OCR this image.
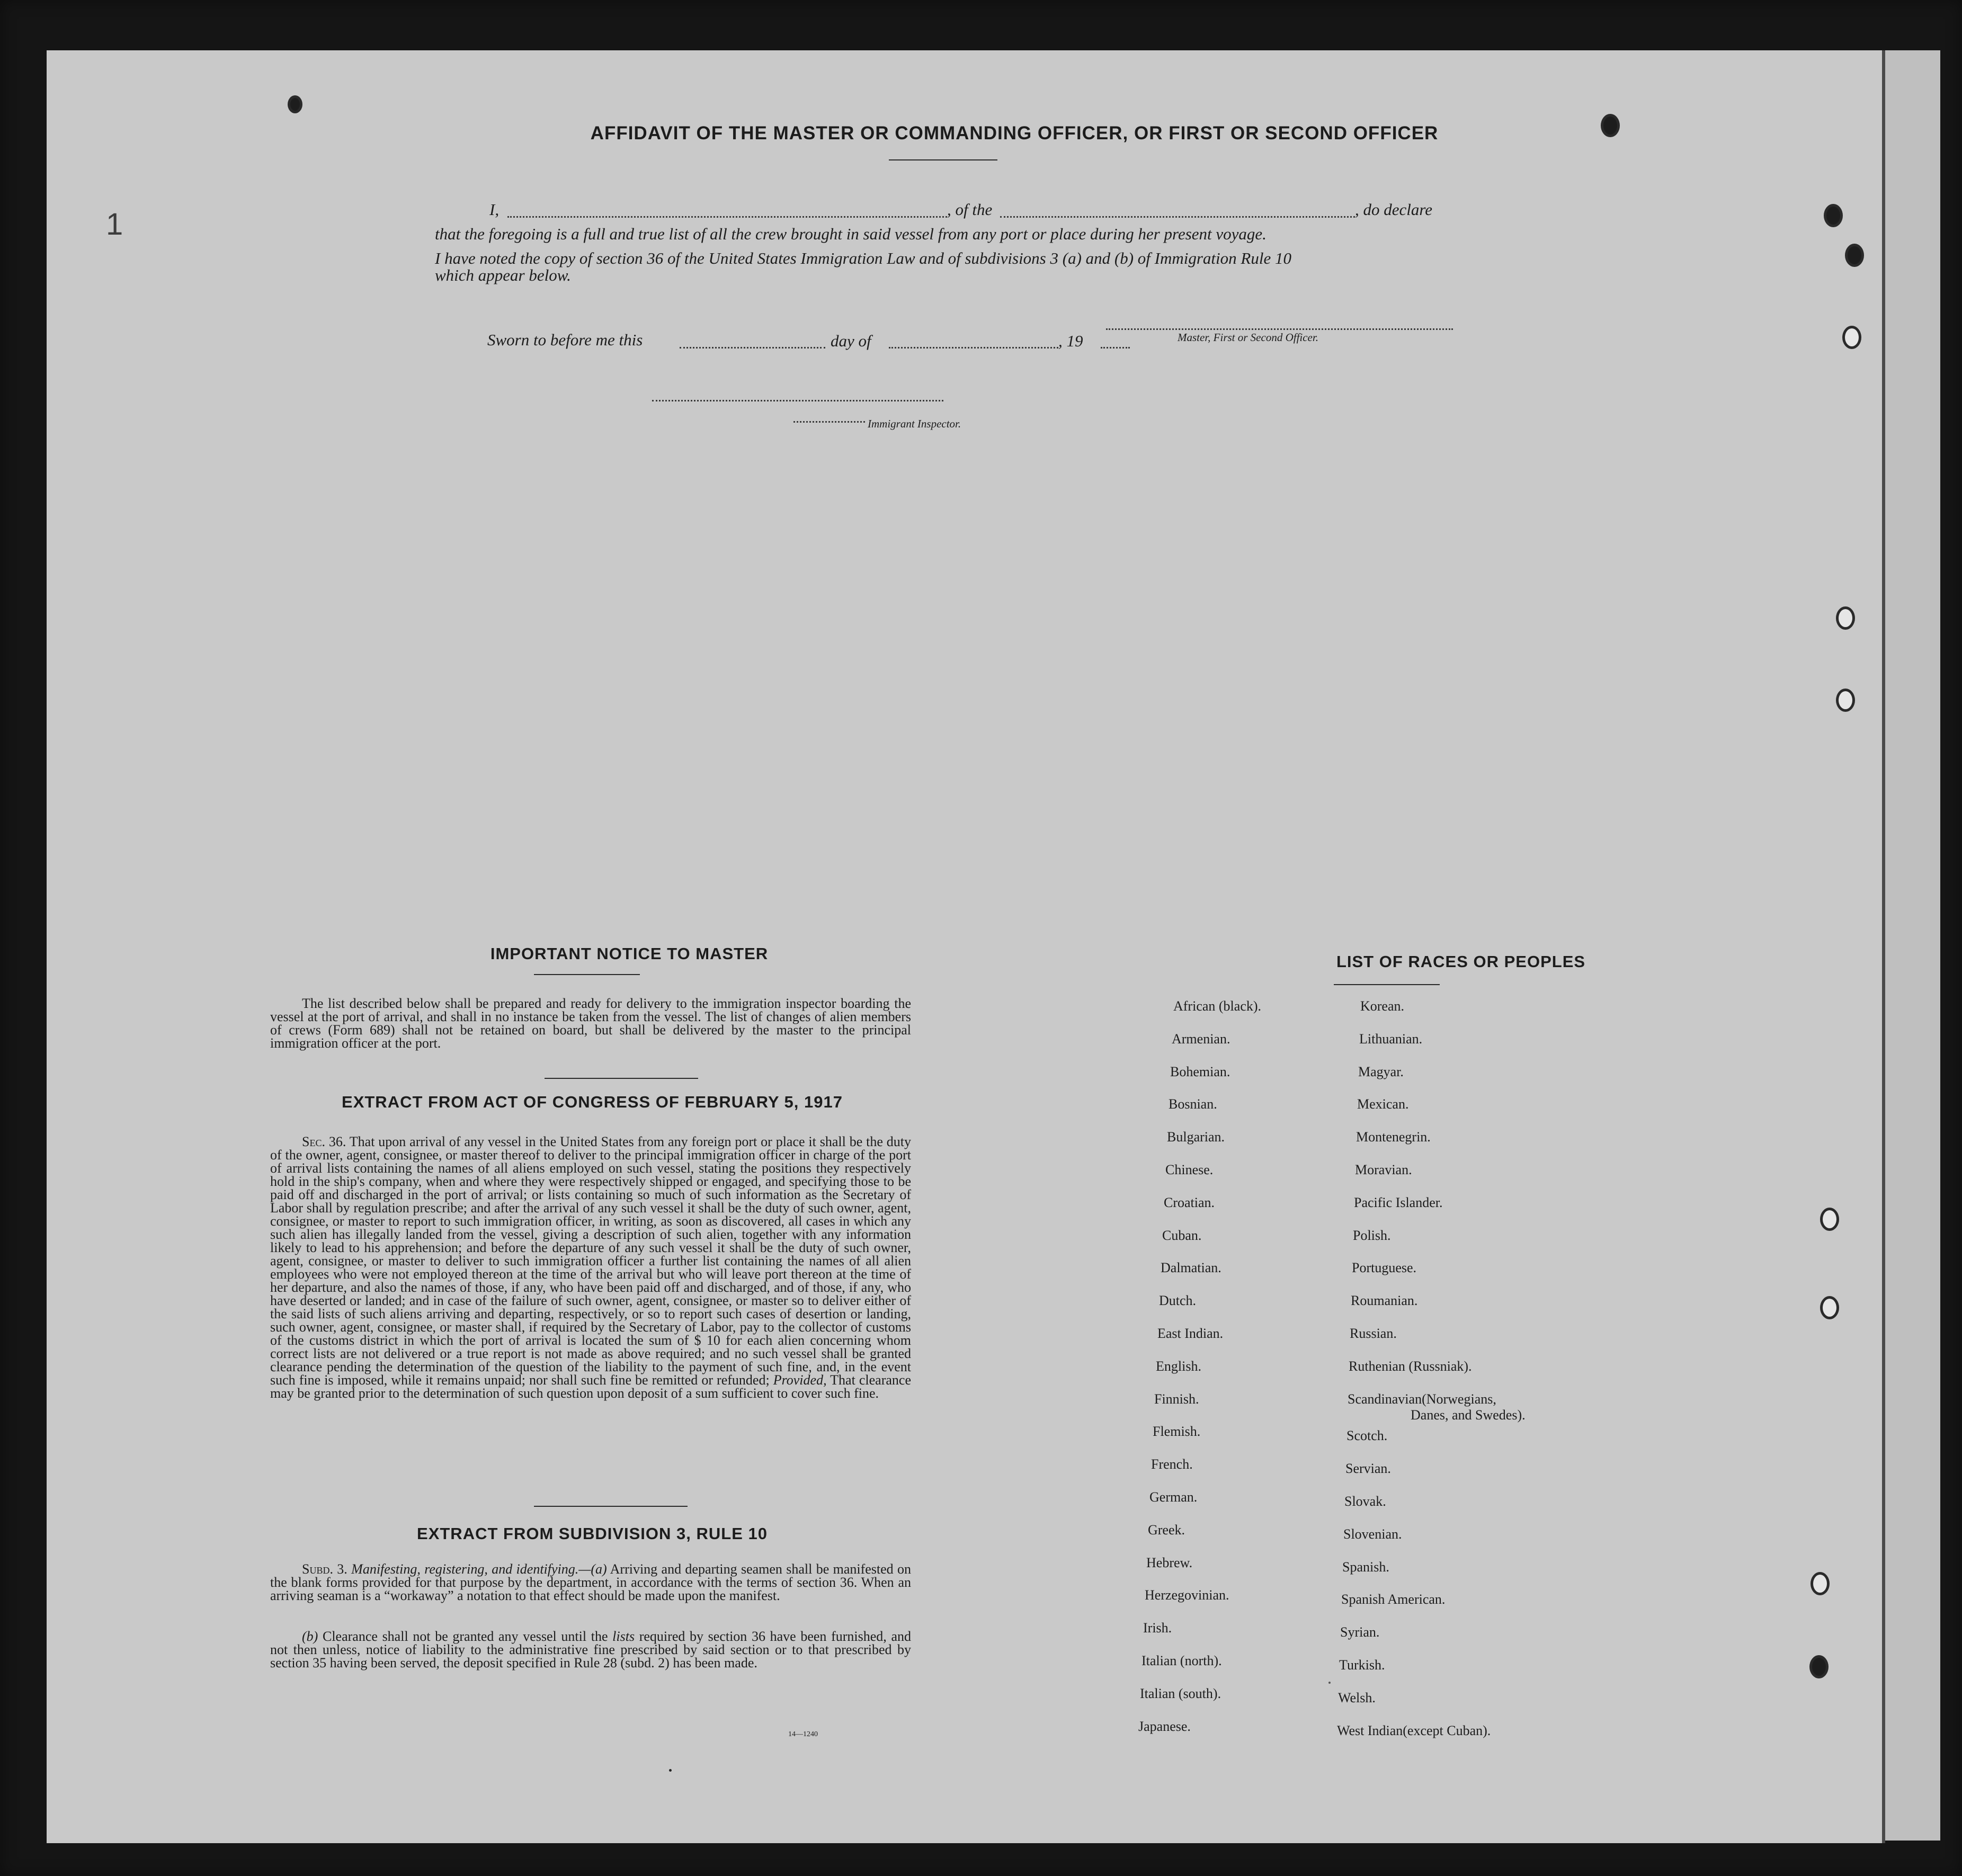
1
AFFIDAVIT OF THE MASTER OR COMMANDING OFFICER, OR FIRST OR SECOND OFFICER
I,	, of the	, do declare
that the foregoing is a full and true list of all the crew brought in said vessel from any port or place during her present voyage.
I have noted the copy of section 36 of the United States Immigration Law and of subdivisions 3 (a) and (b) of Immigration Rule 10
which appear below.
Master, First or Second Officer.
Sworn to before me this	day of	, 19
Immigrant Inspector.
IMPORTANT NOTICE TO MASTER
The list described below shall be prepared and ready for delivery to the immigration inspector boarding the vessel at the port of arrival, and shall in no instance be taken from the vessel. The list of changes of alien members of crews (Form 689) shall not be retained on board, but shall be delivered by the master to the principal immigration officer at the port.
EXTRACT FROM ACT OF CONGRESS OF FEBRUARY 5, 1917
Sec. 36. That upon arrival of any vessel in the United States from any foreign port or place it shall be the duty of the owner, agent, consignee, or master thereof to deliver to the principal immigration officer in charge of the port of arrival lists containing the names of all aliens employed on such vessel, stating the positions they respectively hold in the ship's company, when and where they were respectively shipped or engaged, and specifying those to be paid off and discharged in the port of arrival; or lists containing so much of such information as the Secretary of Labor shall by regulation prescribe; and after the arrival of any such vessel it shall be the duty of such owner, agent, consignee, or master to report to such immigration officer, in writing, as soon as discovered, all cases in which any such alien has illegally landed from the vessel, giving a description of such alien, together with any information likely to lead to his apprehension; and before the departure of any such vessel it shall be the duty of such owner, agent, consignee, or master to deliver to such immigration officer a further list containing the names of all alien employees who were not employed thereon at the time of the arrival but who will leave port thereon at the time of her departure, and also the names of those, if any, who have been paid off and discharged, and of those, if any, who have deserted or landed; and in case of the failure of such owner, agent, consignee, or master so to deliver either of the said lists of such aliens arriving and departing, respectively, or so to report such cases of desertion or landing, such owner, agent, consignee, or master shall, if required by the Secretary of Labor, pay to the collector of customs of the customs district in which the port of arrival is located the sum of $ 10 for each alien concerning whom correct lists are not delivered or a true report is not made as above required; and no such vessel shall be granted clearance pending the determination of the question of the liability to the payment of such fine, and, in the event such fine is imposed, while it remains unpaid; nor shall such fine be remitted or refunded; Provided, That clearance may be granted prior to the determination of such question upon deposit of a sum sufficient to cover such fine.
EXTRACT FROM SUBDIVISION 3, RULE 10
Subd. 3. Manifesting, registering, and identifying.—(a) Arriving and departing seamen shall be manifested on the blank forms provided for that purpose by the department, in accordance with the terms of section 36. When an arriving seaman is a “workaway” a notation to that effect should be made upon the manifest.
(b) Clearance shall not be granted any vessel until the lists required by section 36 have been furnished, and not then unless, notice of liability to the administrative fine prescribed by said section or to that prescribed by section 35 having been served, the deposit specified in Rule 28 (subd. 2) has been made.
14—1240
LIST OF RACES OR PEOPLES
Danes, and Swedes).
African (black).
Armenian.
Bohemian.
Bosnian.
Bulgarian.
Chinese.
Croatian.
Cuban.
Dalmatian.
Dutch.
East Indian.
English.
Finnish.
Flemish.
French.
German.
Greek.
Hebrew.
Herzegovinian.
Irish.
Italian (north).
Italian (south).
Japanese.
Korean.
Lithuanian.
Magyar.
Mexican.
Montenegrin.
Moravian.
Pacific Islander.
Polish.
Portuguese.
Roumanian.
Russian.
Ruthenian (Russniak).
Scandinavian(Norwegians,
Scotch.
Servian.
Slovak.
Slovenian.
Spanish.
Spanish American.
Syrian.
Turkish.
Welsh.
West Indian(except Cuban).
